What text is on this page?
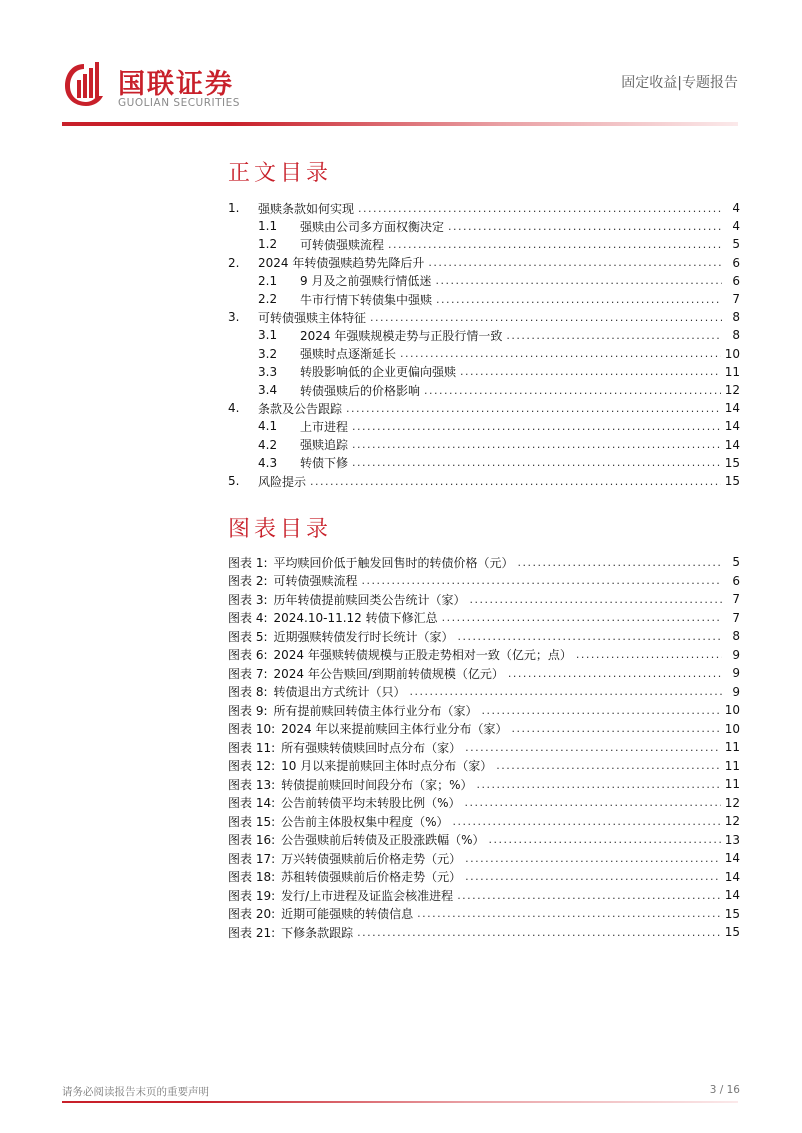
国联证券
GUOLIAN SECURITIES
固定收益|专题报告
正文目录
1.	强赎条款如何实现 .....	4
1.1	强赎由公司多方面权衡决定 .....	4
1.2	可转债强赎流程 .....	5
2.	2024 年转债强赎趋势先降后升 .....	6
2.1	9 月及之前强赎行情低迷 .....	6
2.2	牛市行情下转债集中强赎 .....	7
3.	可转债强赎主体特征 .....	8
3.1	2024 年强赎规模走势与正股行情一致 .....	8
3.2	强赎时点逐渐延长 .....	10
3.3	转股影响低的企业更偏向强赎 .....	11
3.4	转债强赎后的价格影响 .....	12
4.	条款及公告跟踪 .....	14
4.1	上市进程 .....	14
4.2	强赎追踪 .....	14
4.3	转债下修 .....	15
5.	风险提示 .....	15
图表目录
图表 1: 平均赎回价低于触发回售时的转债价格（元） .....	5
图表 2: 可转债强赎流程 .....	6
图表 3: 历年转债提前赎回类公告统计（家） .....	7
图表 4: 2024.10-11.12 转债下修汇总 .....	7
图表 5: 近期强赎转债发行时长统计（家） .....	8
图表 6: 2024 年强赎转债规模与正股走势相对一致（亿元；点） .....	9
图表 7: 2024 年公告赎回/到期前转债规模（亿元） .....	9
图表 8: 转债退出方式统计（只） .....	9
图表 9: 所有提前赎回转债主体行业分布（家） .....	10
图表 10: 2024 年以来提前赎回主体行业分布（家） .....	10
图表 11: 所有强赎转债赎回时点分布（家） .....	11
图表 12: 10 月以来提前赎回主体时点分布（家） .....	11
图表 13: 转债提前赎回时间段分布（家；%） .....	11
图表 14: 公告前转债平均未转股比例（%） .....	12
图表 15: 公告前主体股权集中程度（%） .....	12
图表 16: 公告强赎前后转债及正股涨跌幅（%） .....	13
图表 17: 万兴转债强赎前后价格走势（元） .....	14
图表 18: 苏租转债强赎前后价格走势（元） .....	14
图表 19: 发行/上市进程及证监会核准进程 .....	14
图表 20: 近期可能强赎的转债信息 .....	15
图表 21: 下修条款跟踪 .....	15
请务必阅读报告末页的重要声明	3 / 16
